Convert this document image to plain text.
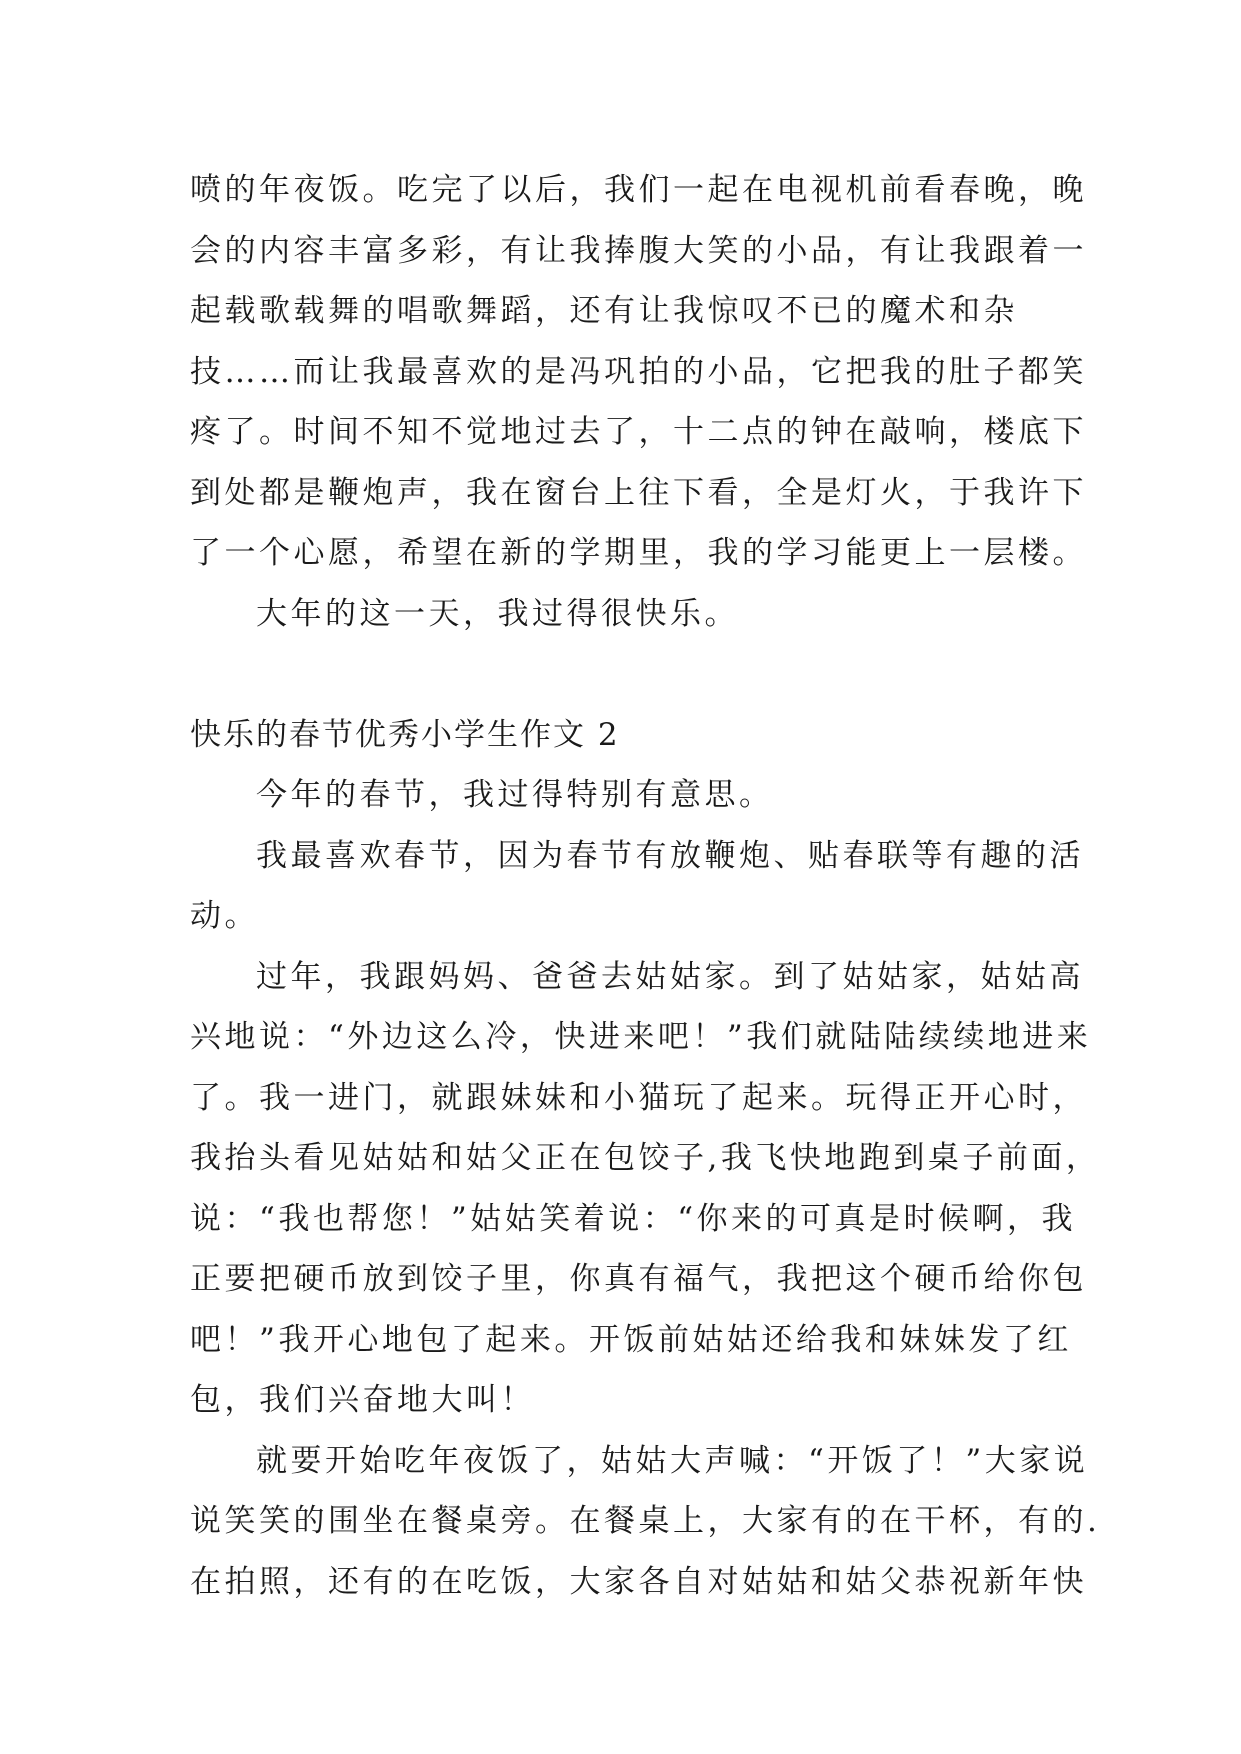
喷的年夜饭。吃完了以后，我们一起在电视机前看春晚，晚
会的内容丰富多彩，有让我捧腹大笑的小品，有让我跟着一
起载歌载舞的唱歌舞蹈，还有让我惊叹不已的魔术和杂
技……而让我最喜欢的是冯巩拍的小品，它把我的肚子都笑
疼了。时间不知不觉地过去了，十二点的钟在敲响，楼底下
到处都是鞭炮声，我在窗台上往下看，全是灯火，于我许下
了一个心愿，希望在新的学期里，我的学习能更上一层楼。
大年的这一天，我过得很快乐。
快乐的春节优秀小学生作文 2
今年的春节，我过得特别有意思。
我最喜欢春节，因为春节有放鞭炮、贴春联等有趣的活
动。
过年，我跟妈妈、爸爸去姑姑家。到了姑姑家，姑姑高
兴地说：“外边这么冷，快进来吧！”我们就陆陆续续地进来
了。我一进门，就跟妹妹和小猫玩了起来。玩得正开心时，
我抬头看见姑姑和姑父正在包饺子,我飞快地跑到桌子前面，
说：“我也帮您！”姑姑笑着说：“你来的可真是时候啊，我
正要把硬币放到饺子里，你真有福气，我把这个硬币给你包
吧！”我开心地包了起来。开饭前姑姑还给我和妹妹发了红
包，我们兴奋地大叫！
就要开始吃年夜饭了，姑姑大声喊：“开饭了！”大家说
说笑笑的围坐在餐桌旁。在餐桌上，大家有的在干杯，有的.
在拍照，还有的在吃饭，大家各自对姑姑和姑父恭祝新年快
